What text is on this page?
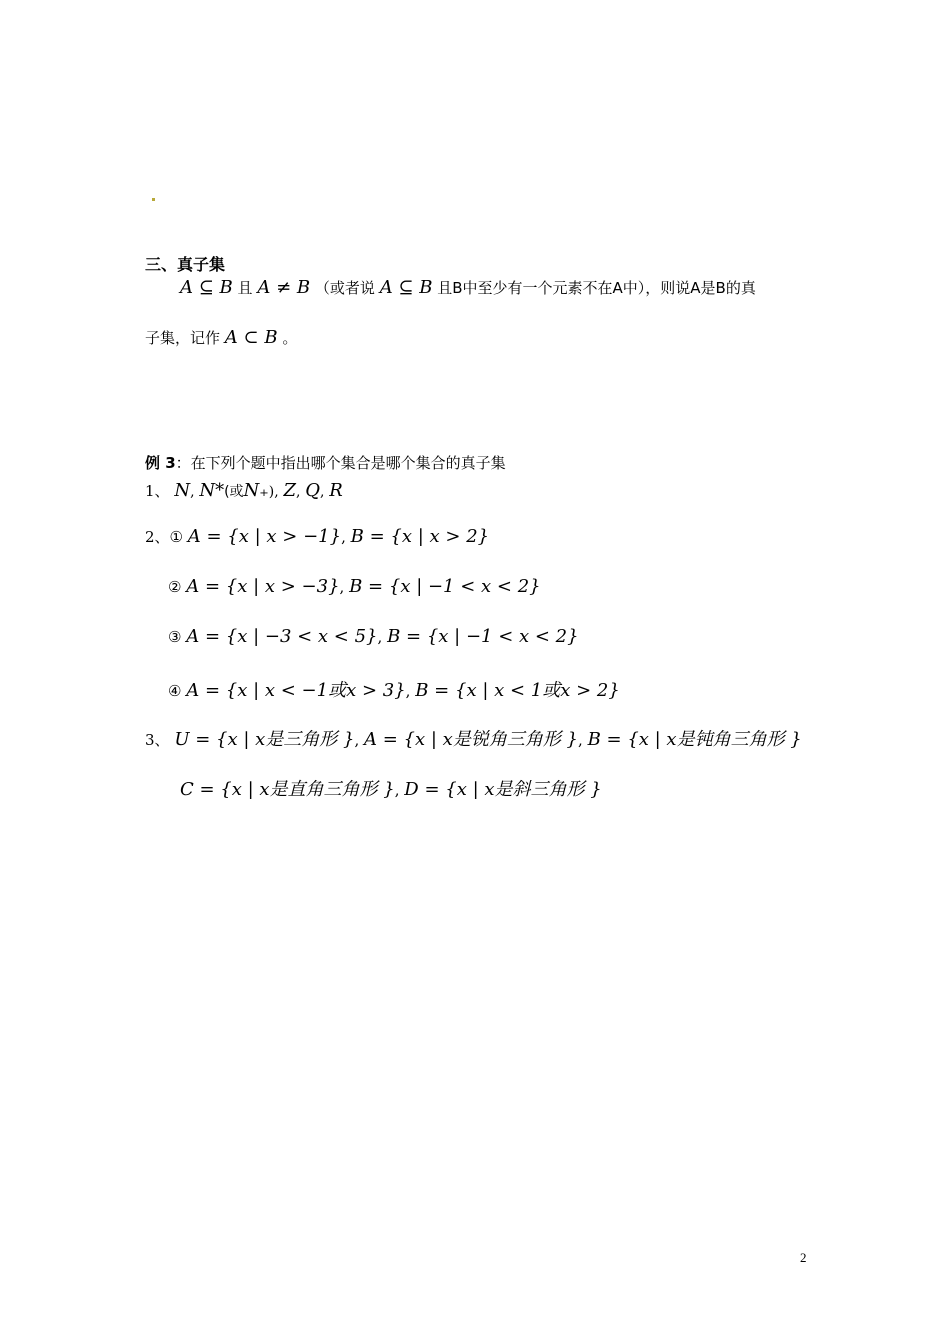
三、真子集
A ⊆ B 且 A ≠ B （或者说 A ⊆ B 且B中至少有一个元素不在A中），则说A是B的真
子集，记作 A ⊂ B 。
例 3：在下列个题中指出哪个集合是哪个集合的真子集
1、 N, N*(或N₊), Z, Q, R
2、① A = {x | x > −1}, B = {x | x > 2}
② A = {x | x > −3}, B = {x | −1 < x < 2}
③ A = {x | −3 < x < 5}, B = {x | −1 < x < 2}
④ A = {x | x < −1或x > 3}, B = {x | x < 1或x > 2}
3、 U = {x | x是三角形 }, A = {x | x是锐角三角形 }, B = {x | x是钝角三角形 }
C = {x | x是直角三角形 }, D = {x | x是斜三角形 }
2
